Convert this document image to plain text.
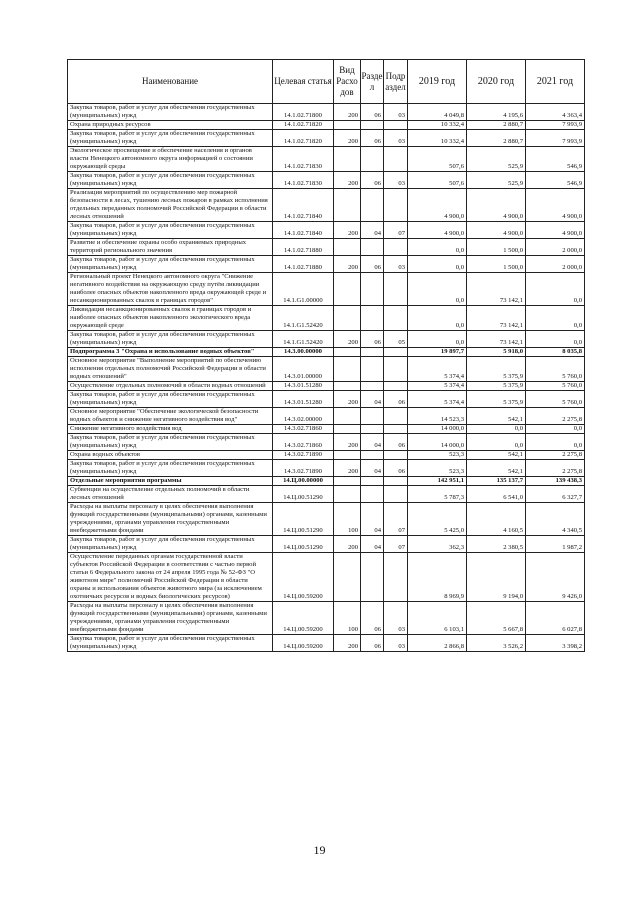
Наименование	Целевая статья	Вид Расхо дов	Разде л	Подр аздел	2019 год	2020 год	2021 год
Закупка товаров, работ и услуг для обеспечения государственных (муниципальных) нужд	14.1.02.71800	200	06	03	4 049,8	4 195,6	4 363,4
Охрана природных ресурсов	14.1.02.71820				10 332,4	2 880,7	7 993,9
Закупка товаров, работ и услуг для обеспечения государственных (муниципальных) нужд	14.1.02.71820	200	06	03	10 332,4	2 880,7	7 993,9
Экологическое просвещение и обеспечение населения и органов власти Ненецкого автономного округа информацией о состоянии окружающей среды	14.1.02.71830				507,6	525,9	546,9
Закупка товаров, работ и услуг для обеспечения государственных (муниципальных) нужд	14.1.02.71830	200	06	03	507,6	525,9	546,9
Реализация мероприятий по осуществлению мер пожарной безопасности в лесах, тушению лесных пожаров в рамках исполнения отдельных переданных полномочий Российской Федерации в области лесных отношений	14.1.02.71840				4 900,0	4 900,0	4 900,0
Закупка товаров, работ и услуг для обеспечения государственных (муниципальных) нужд	14.1.02.71840	200	04	07	4 900,0	4 900,0	4 900,0
Развитие и обеспечение охраны особо охраняемых природных территорий регионального значения	14.1.02.71880				0,0	1 500,0	2 000,0
Закупка товаров, работ и услуг для обеспечения государственных (муниципальных) нужд	14.1.02.71880	200	06	03	0,0	1 500,0	2 000,0
Региональный проект Ненецкого автономного округа "Снижение негативного воздействия на окружающую среду путём ликвидации наиболее опасных объектов накопленного вреда окружающей среде и несанкционированных свалок в границах городов"	14.1.G1.00000				0,0	73 142,1	0,0
Ликвидация несанкционированных свалок в границах городов и наиболее опасных объектов накопленного экологического вреда окружающей среде	14.1.G1.52420				0,0	73 142,1	0,0
Закупка товаров, работ и услуг для обеспечения государственных (муниципальных) нужд	14.1.G1.52420	200	06	05	0,0	73 142,1	0,0
Подпрограмма 3 "Охрана и использование водных объектов"	14.3.00.00000				19 897,7	5 918,0	8 035,8
Основное мероприятие "Выполнение мероприятий по обеспечению исполнения отдельных полномочий Российской Федерации в области водных отношений"	14.3.01.00000				5 374,4	5 375,9	5 760,0
Осуществление отдельных полномочий в области водных отношений	14.3.01.51280				5 374,4	5 375,9	5 760,0
Закупка товаров, работ и услуг для обеспечения государственных (муниципальных) нужд	14.3.01.51280	200	04	06	5 374,4	5 375,9	5 760,0
Основное мероприятие "Обеспечение экологической безопасности водных объектов и снижение негативного воздействия вод"	14.3.02.00000				14 523,3	542,1	2 275,8
Снижение негативного воздействия вод	14.3.02.71860				14 000,0	0,0	0,0
Закупка товаров, работ и услуг для обеспечения государственных (муниципальных) нужд	14.3.02.71860	200	04	06	14 000,0	0,0	0,0
Охрана водных объектов	14.3.02.71890				523,3	542,1	2 275,8
Закупка товаров, работ и услуг для обеспечения государственных (муниципальных) нужд	14.3.02.71890	200	04	06	523,3	542,1	2 275,8
Отдельные мероприятия программы	14.Ц.00.00000				142 951,1	135 137,7	139 438,3
Субвенции на осуществление отдельных полномочий в области лесных отношений	14.Ц.00.51290				5 787,3	6 541,0	6 327,7
Расходы на выплаты персоналу в целях обеспечения выполнения функций государственными (муниципальными) органами, казенными учреждениями, органами управления государственными внебюджетными фондами	14.Ц.00.51290	100	04	07	5 425,0	4 160,5	4 340,5
Закупка товаров, работ и услуг для обеспечения государственных (муниципальных) нужд	14.Ц.00.51290	200	04	07	362,3	2 380,5	1 987,2
Осуществление переданных органам государственной власти субъектов Российской Федерации в соответствии с частью первой статьи 6 Федерального закона от 24 апреля 1995 года № 52-ФЗ "О животном мире" полномочий Российской Федерации в области охраны и использования объектов животного мира (за исключением охотничьих ресурсов и водных биологических ресурсов)	14.Ц.00.59200				8 969,9	9 194,0	9 426,0
Расходы на выплаты персоналу в целях обеспечения выполнения функций государственными (муниципальными) органами, казенными учреждениями, органами управления государственными внебюджетными фондами	14.Ц.00.59200	100	06	03	6 103,1	5 667,8	6 027,8
Закупка товаров, работ и услуг для обеспечения государственных (муниципальных) нужд	14.Ц.00.59200	200	06	03	2 866,8	3 526,2	3 398,2
19
